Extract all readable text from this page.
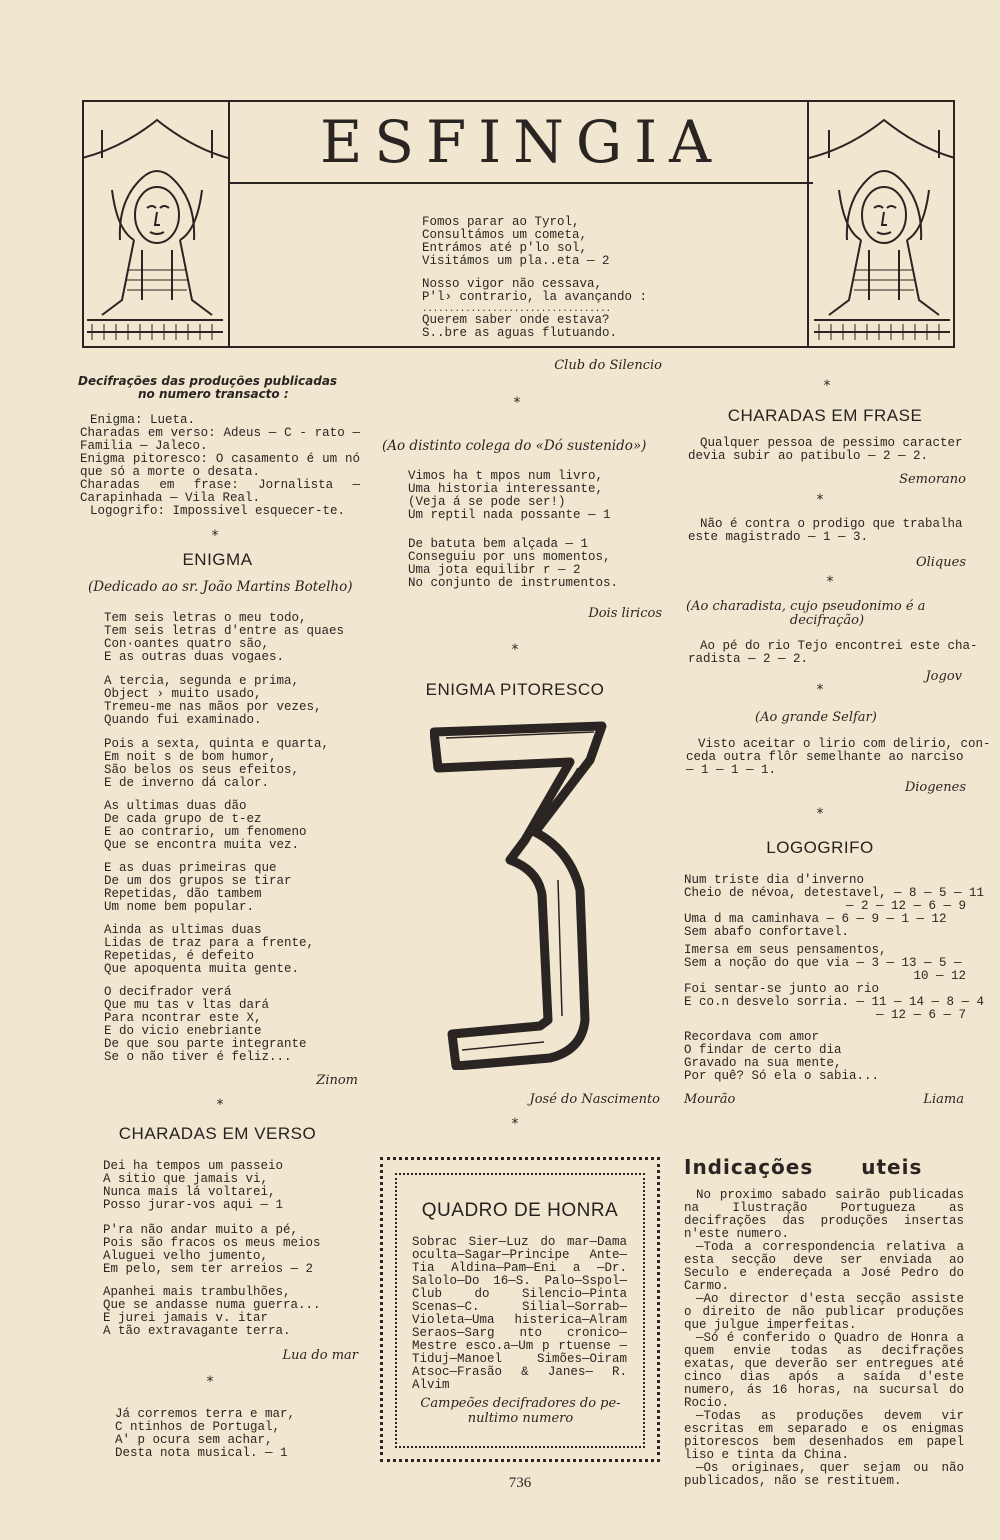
ESFINGIA
Fomos parar ao Tyrol,
Consultámos um cometa,
Entrámos até p'lo sol,
Visitámos um pla..eta — 2
Nosso vigor não cessava,
P'l› contrario, la avançando :
...................................
Querem saber onde estava?
S..bre as aguas flutuando.
Club do Silencio
Decifrações das produções publicadas
no numero transacto :
Enigma: Lueta.
Charadas em verso: Adeus — C - rato — Familia — Jaleco.
Enigma pitoresco: O casamento é um nó que só a morte o desata.
Charadas em frase: Jornalista — Carapinhada — Vila Real.
Logogrifo: Impossivel esquecer-te.
*
ENIGMA
(Dedicado ao sr. João Martins Botelho)
Tem seis letras o meu todo,
Tem seis letras d'entre as quaes
Con·oantes quatro são,
E as outras duas vogaes.
A tercia, segunda e prima,
Object › muito usado,
Tremeu-me nas mãos por vezes,
Quando fui examinado.
Pois a sexta, quinta e quarta,
Em noit s de bom humor,
São belos os seus efeitos,
E de inverno dá calor.
As ultimas duas dão
De cada grupo de t-ez
E ao contrario, um fenomeno
Que se encontra muita vez.
E as duas primeiras que
De um dos grupos se tirar
Repetidas, dão tambem
Um nome bem popular.
Ainda as ultimas duas
Lidas de traz para a frente,
Repetidas, é defeito
Que apoquenta muita gente.
O decifrador verá
Que mu tas v ltas dará
Para ncontrar este X,
E do vicio enebriante
De que sou parte integrante
Se o não tiver é feliz...
Zinom
*
CHARADAS EM VERSO
Dei ha tempos um passeio
A sitio que jamais vi,
Nunca mais lá voltarei,
Posso jurar-vos aqui — 1
P'ra não andar muito a pé,
Pois são fracos os meus meios
Aluguei velho jumento,
Em pelo, sem ter arreios — 2
Apanhei mais trambulhões,
Que se andasse numa guerra...
E jurei jamais v. itar
A tão extravagante terra.
Lua do mar
*
Já corremos terra e mar,
C ntinhos de Portugal,
A' p ocura sem achar,
Desta nota musical. — 1
*
(Ao distinto colega do «Dó sustenido»)
Vimos ha t mpos num livro,
Uma historia interessante,
(Veja á se pode ser!)
Um reptil nada possante — 1
De batuta bem alçada — 1
Conseguiu por uns momentos,
Uma jota equilibr r — 2
No conjunto de instrumentos.
Dois liricos
*
ENIGMA PITORESCO
José do Nascimento
*
QUADRO DE HONRA
Sobrac Sier—Luz do mar—Dama oculta—Sagar—Principe Ante—Tia Aldina—Pam—Eni a —Dr. Salolo—Do 16—S. Palo—Sspol—Club do Silencio—Pinta Scenas—C. Silial—Sorrab—Violeta—Uma histerica—Alram Seraos—Sarg nto cronico—Mestre esco.a—Um p rtuense —Tiduj—Manoel Simões—Oiram Atsoc—Frasão & Janes— R. Alvim
Campeões decifradores do pe-
nultimo numero
*
CHARADAS EM FRASE
Qualquer pessoa de pessimo caracter
devia subir ao patibulo — 2 — 2.
Semorano
*
Não é contra o prodigo que trabalha
este magistrado — 1 — 3.
Oliques
*
(Ao charadista, cujo pseudonimo é a
decifração)
Ao pé do rio Tejo encontrei este cha-
radista — 2 — 2.
Jogov
*
(Ao grande Selfar)
Visto aceitar o lirio com delirio, con-
ceda outra flôr semelhante ao narciso
— 1 — 1 — 1.
Diogenes
*
LOGOGRIFO
Num triste dia d'inverno
Cheio de névoa, detestavel, — 8 — 5 — 11
— 2 — 12 — 6 — 9
Uma d ma caminhava — 6 — 9 — 1 — 12
Sem abafo confortavel.
Imersa em seus pensamentos,
Sem a noção do que via — 3 — 13 — 5 —
10 — 12
Foi sentar-se junto ao rio
E co.n desvelo sorria. — 11 — 14 — 8 — 4
— 12 — 6 — 7
Recordava com amor
O findar de certo dia
Gravado na sua mente,
Por quê? Só ela o sabia...
Mourão	Liama
Indicações uteis
No proximo sabado sairão publicadas na Ilustração Portugueza as decifrações das produções insertas n'este numero.
—Toda a correspondencia relativa a esta secção deve ser enviada ao Seculo e endereçada a José Pedro do Carmo.
—Ao director d'esta secção assiste o direito de não publicar produções que julgue imperfeitas.
—Só é conferido o Quadro de Honra a quem envie todas as decifrações exatas, que deverão ser entregues até cinco dias após a saída d'este numero, ás 16 horas, na sucursal do Rocio.
—Todas as produções devem vir escritas em separado e os enigmas pitorescos bem desenhados em papel liso e tinta da China.
—Os originaes, quer sejam ou não publicados, não se restituem.
736
